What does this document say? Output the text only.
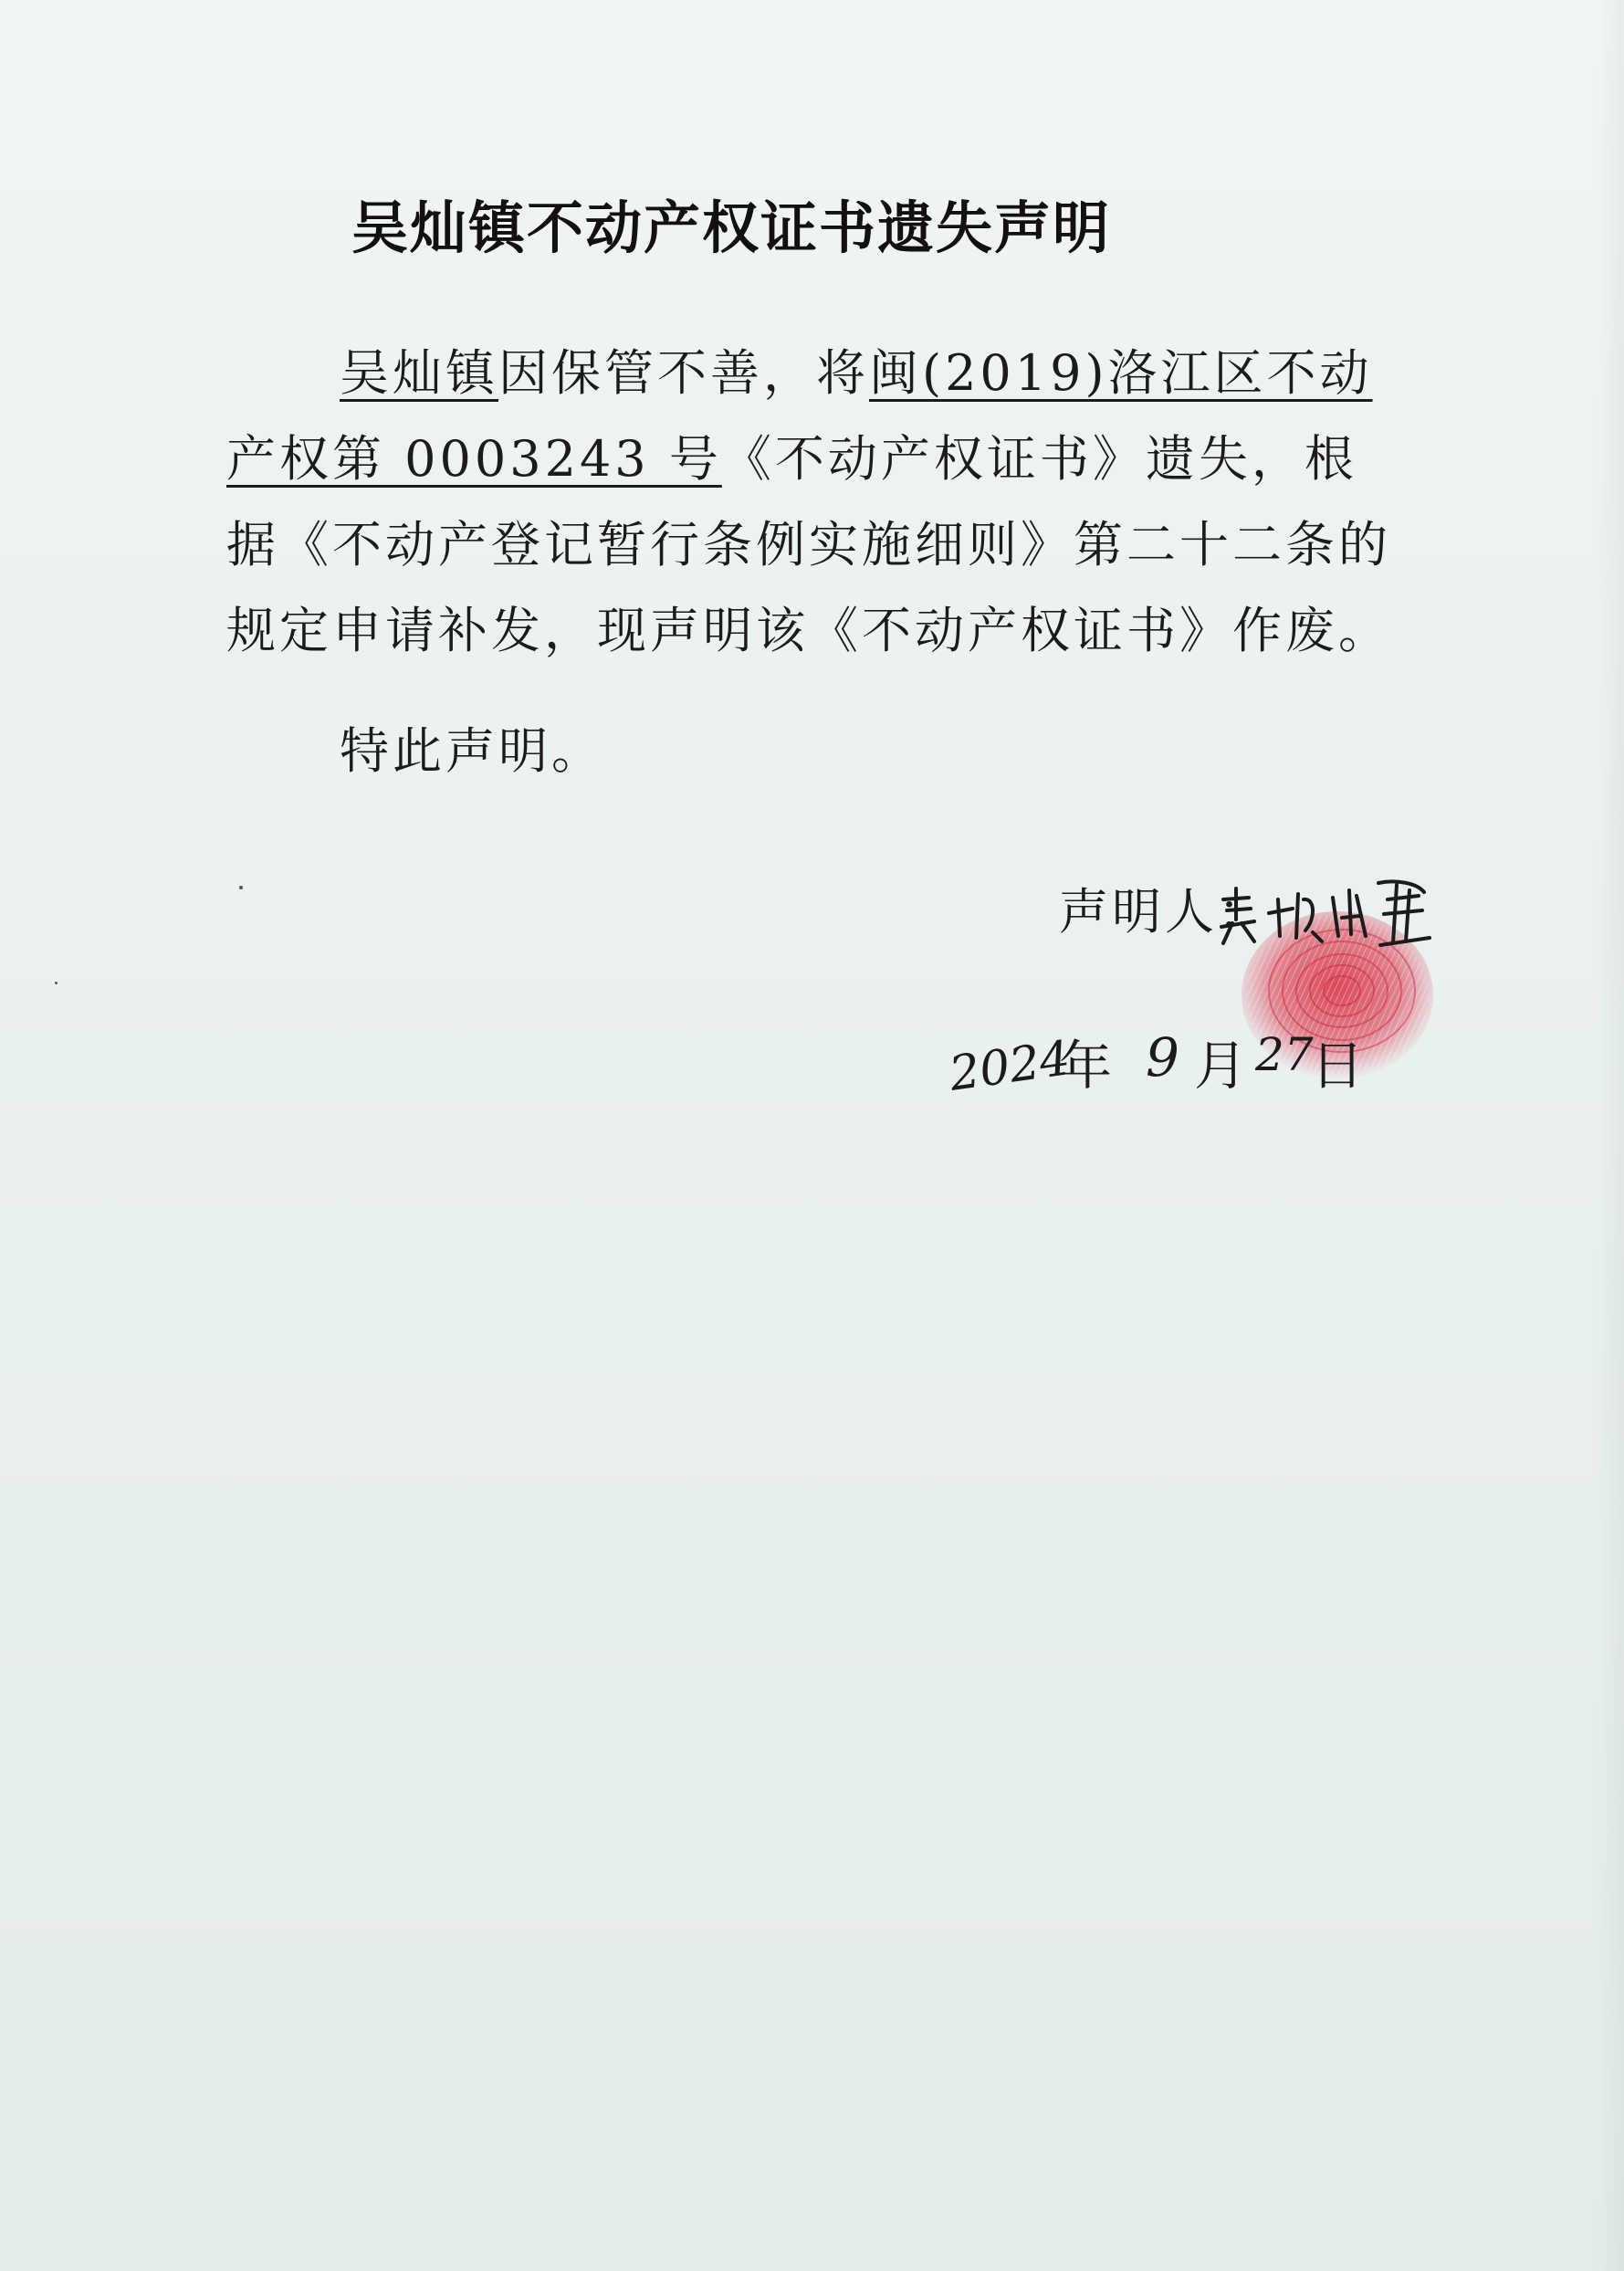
吴灿镇不动产权证书遗失声明
吴灿镇因保管不善，将闽(2019)洛江区不动产权第 0003243 号《不动产权证书》遗失，根据《不动产登记暂行条例实施细则》第二十二条的规定申请补发，现声明该《不动产权证书》作废。
特此声明。
声明人：
2024
年 9 月 27
日
